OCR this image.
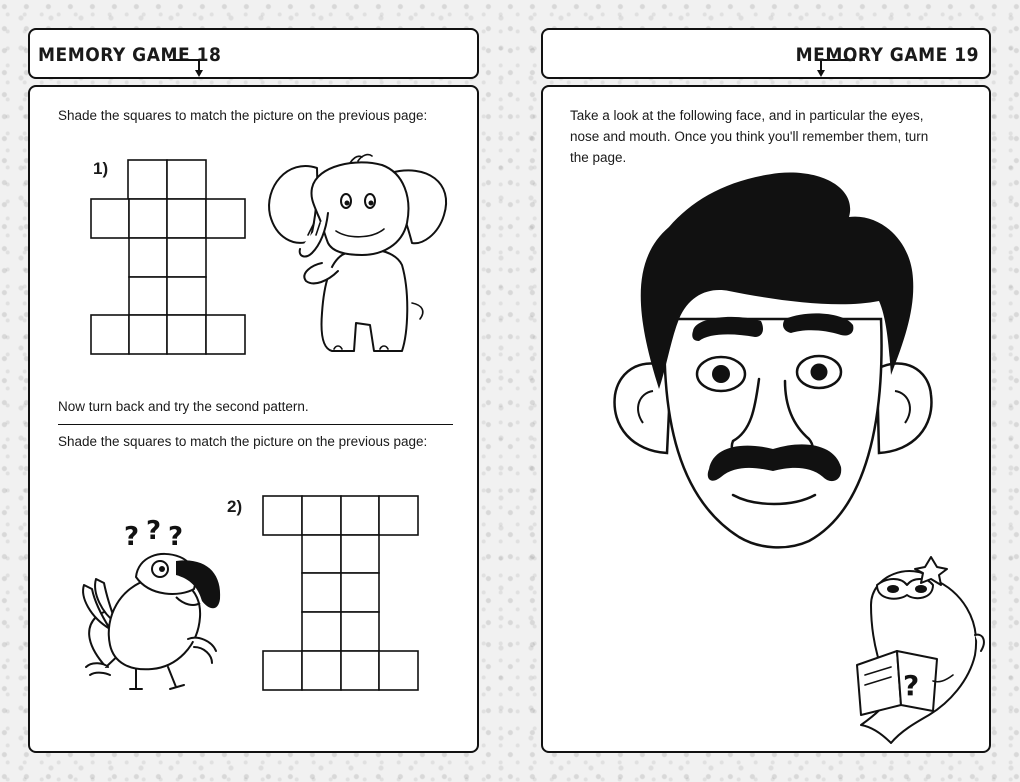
MEMORY GAME 18
Shade the squares to match the picture on the previous page:
1)
Now turn back and try the second pattern.
Shade the squares to match the picture on the previous page:
? ? ?
2)
MEMORY GAME 19
Take a look at the following face, and in particular the eyes,
nose and mouth. Once you think you'll remember them, turn
the page.
?
